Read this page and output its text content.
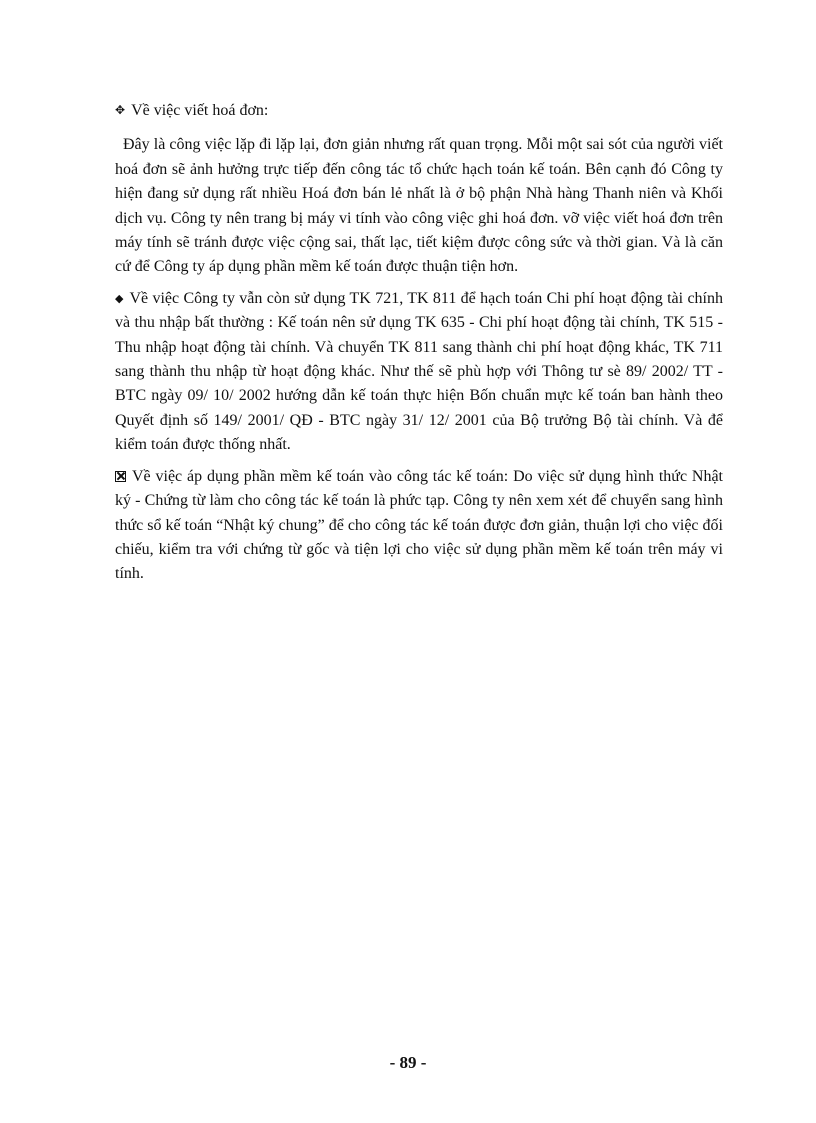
✥ Về việc viết hoá đơn:
Đây là công việc lặp đi lặp lại, đơn giản nhưng rất quan trọng. Mỗi một sai sót của người viết hoá đơn sẽ ảnh hưởng trực tiếp đến công tác tổ chức hạch toán kế toán. Bên cạnh đó Công ty hiện đang sử dụng rất nhiều Hoá đơn bán lẻ nhất là ở bộ phận Nhà hàng Thanh niên và Khối dịch vụ. Công ty nên trang bị máy vi tính vào công việc ghi hoá đơn. vỡ việc viết hoá đơn trên máy tính sẽ tránh được việc cộng sai, thất lạc, tiết kiệm được công sức và thời gian. Và là căn cứ để Công ty áp dụng phần mềm kế toán được thuận tiện hơn.
◆ Về việc Công ty vẫn còn sử dụng TK 721, TK 811 để hạch toán Chi phí hoạt động tài chính và thu nhập bất thường : Kế toán nên sử dụng TK 635 - Chi phí hoạt động tài chính, TK 515 - Thu nhập hoạt động tài chính. Và chuyển TK 811 sang thành chi phí hoạt động khác, TK 711 sang thành thu nhập từ hoạt động khác. Như thế sẽ phù hợp với Thông tư sè 89/ 2002/ TT - BTC ngày 09/ 10/ 2002 hướng dẫn kế toán thực hiện Bốn chuẩn mực kế toán ban hành theo Quyết định số 149/ 2001/ QĐ - BTC ngày 31/ 12/ 2001 của Bộ trưởng Bộ tài chính. Và để kiểm toán được thống nhất.
Về việc áp dụng phần mềm kế toán vào công tác kế toán: Do việc sử dụng hình thức Nhật ký - Chứng từ làm cho công tác kế toán là phức tạp. Công ty nên xem xét để chuyển sang hình thức sổ kế toán “Nhật ký chung” để cho công tác kế toán được đơn giản, thuận lợi cho việc đối chiếu, kiểm tra với chứng từ gốc và tiện lợi cho việc sử dụng phần mềm kế toán trên máy vi tính.
- 89 -
